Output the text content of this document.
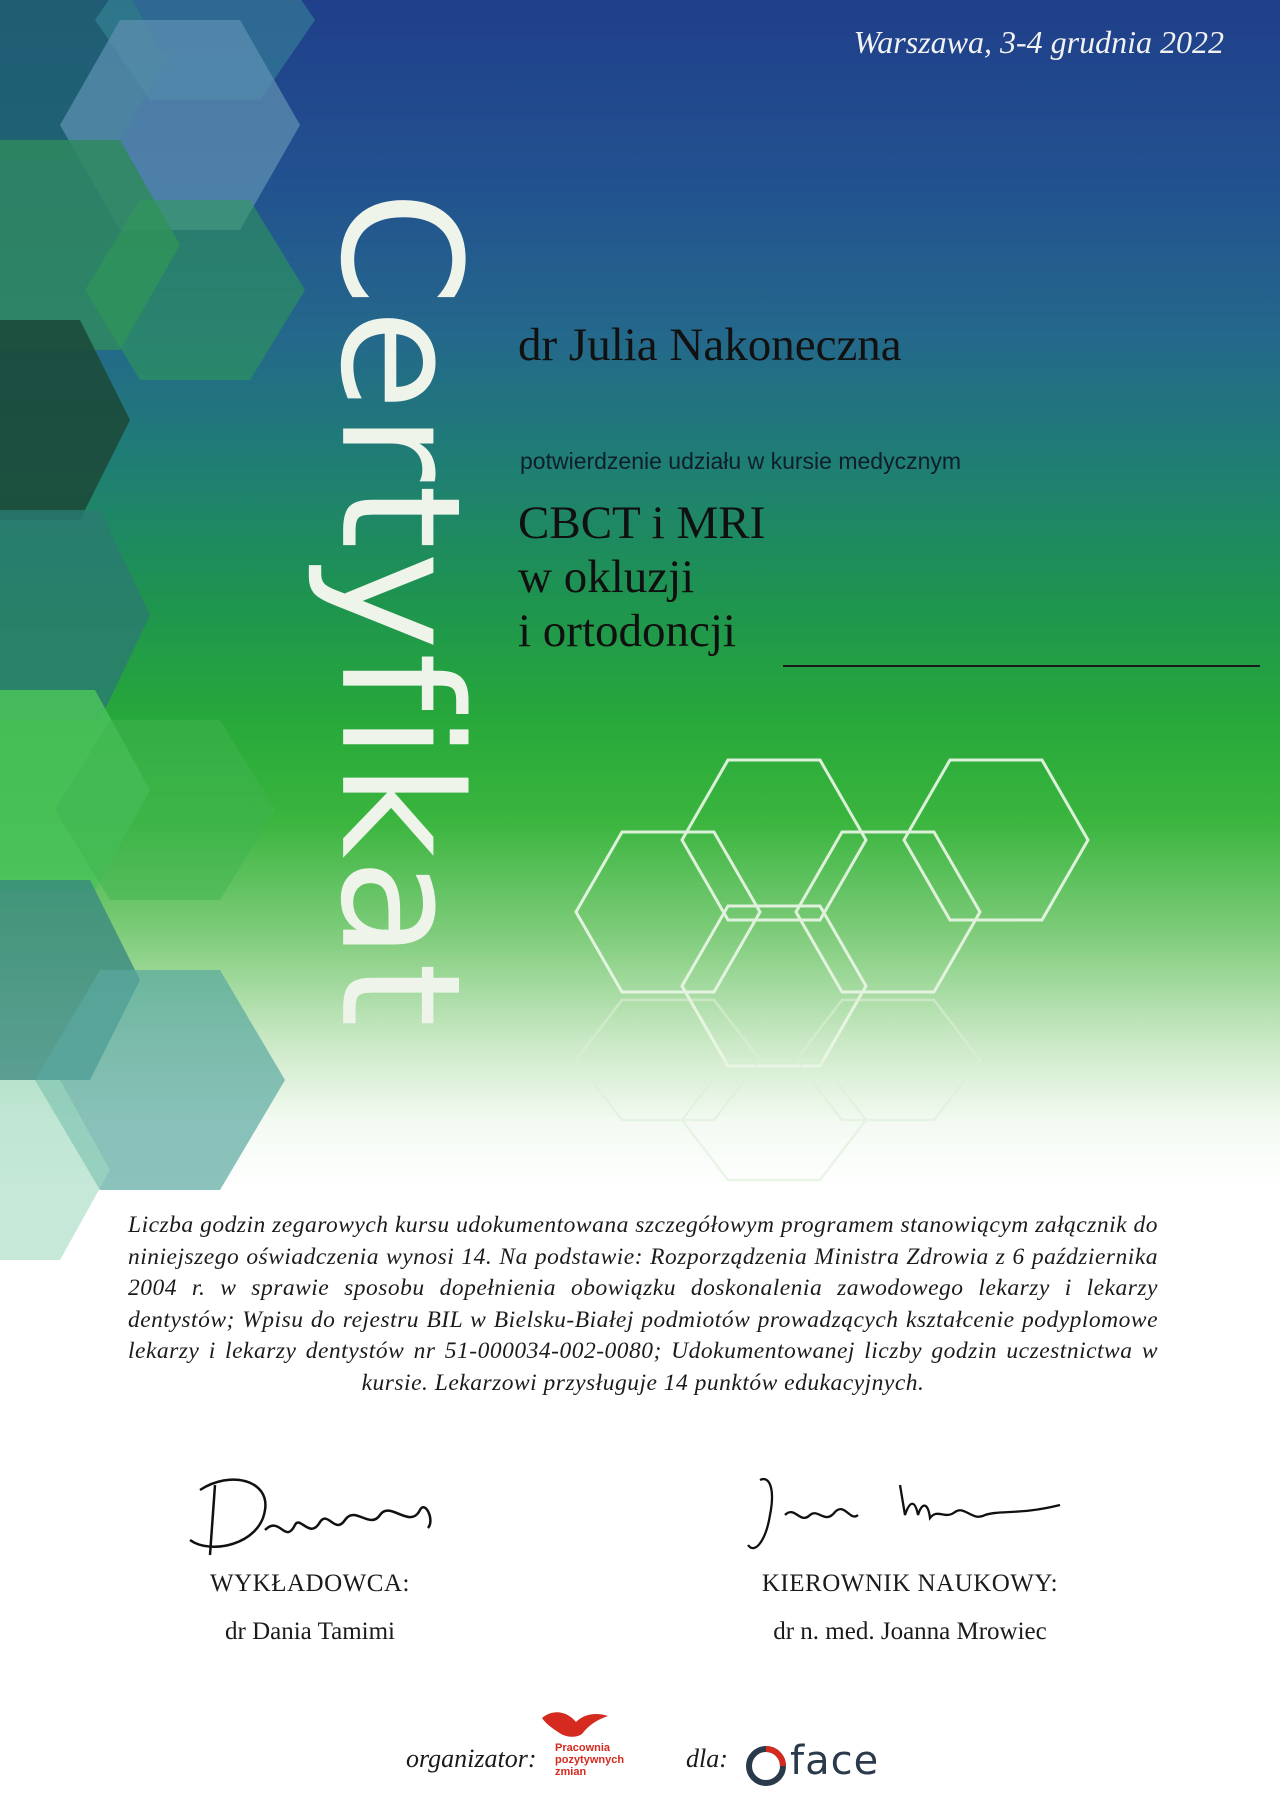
Warszawa, 3-4 grudnia 2022
Certyfikat dr Julia Nakoneczna
potwierdzenie udziału w kursie medycznym
CBCT i MRI
w okluzji
i ortodoncji
Liczba godzin zegarowych kursu udokumentowana szczegółowym programem stanowiącym załącznik do niniejszego oświadczenia wynosi 14. Na podstawie: Rozporządzenia Ministra Zdrowia z 6 października 2004 r. w sprawie sposobu dopełnienia obowiązku doskonalenia zawodowego lekarzy i lekarzy dentystów; Wpisu do rejestru BIL w Bielsku-Białej podmiotów prowadzących kształcenie podyplomowe lekarzy i lekarzy dentystów nr 51-000034-002-0080; Udokumentowanej liczby godzin uczestnictwa w kursie. Lekarzowi przysługuje 14 punktów edukacyjnych.
WYKŁADOWCA:
dr Dania Tamimi
KIEROWNIK NAUKOWY:
dr n. med. Joanna Mrowiec
organizator: Pracownia
pozytywnych
zmian	dla: face
